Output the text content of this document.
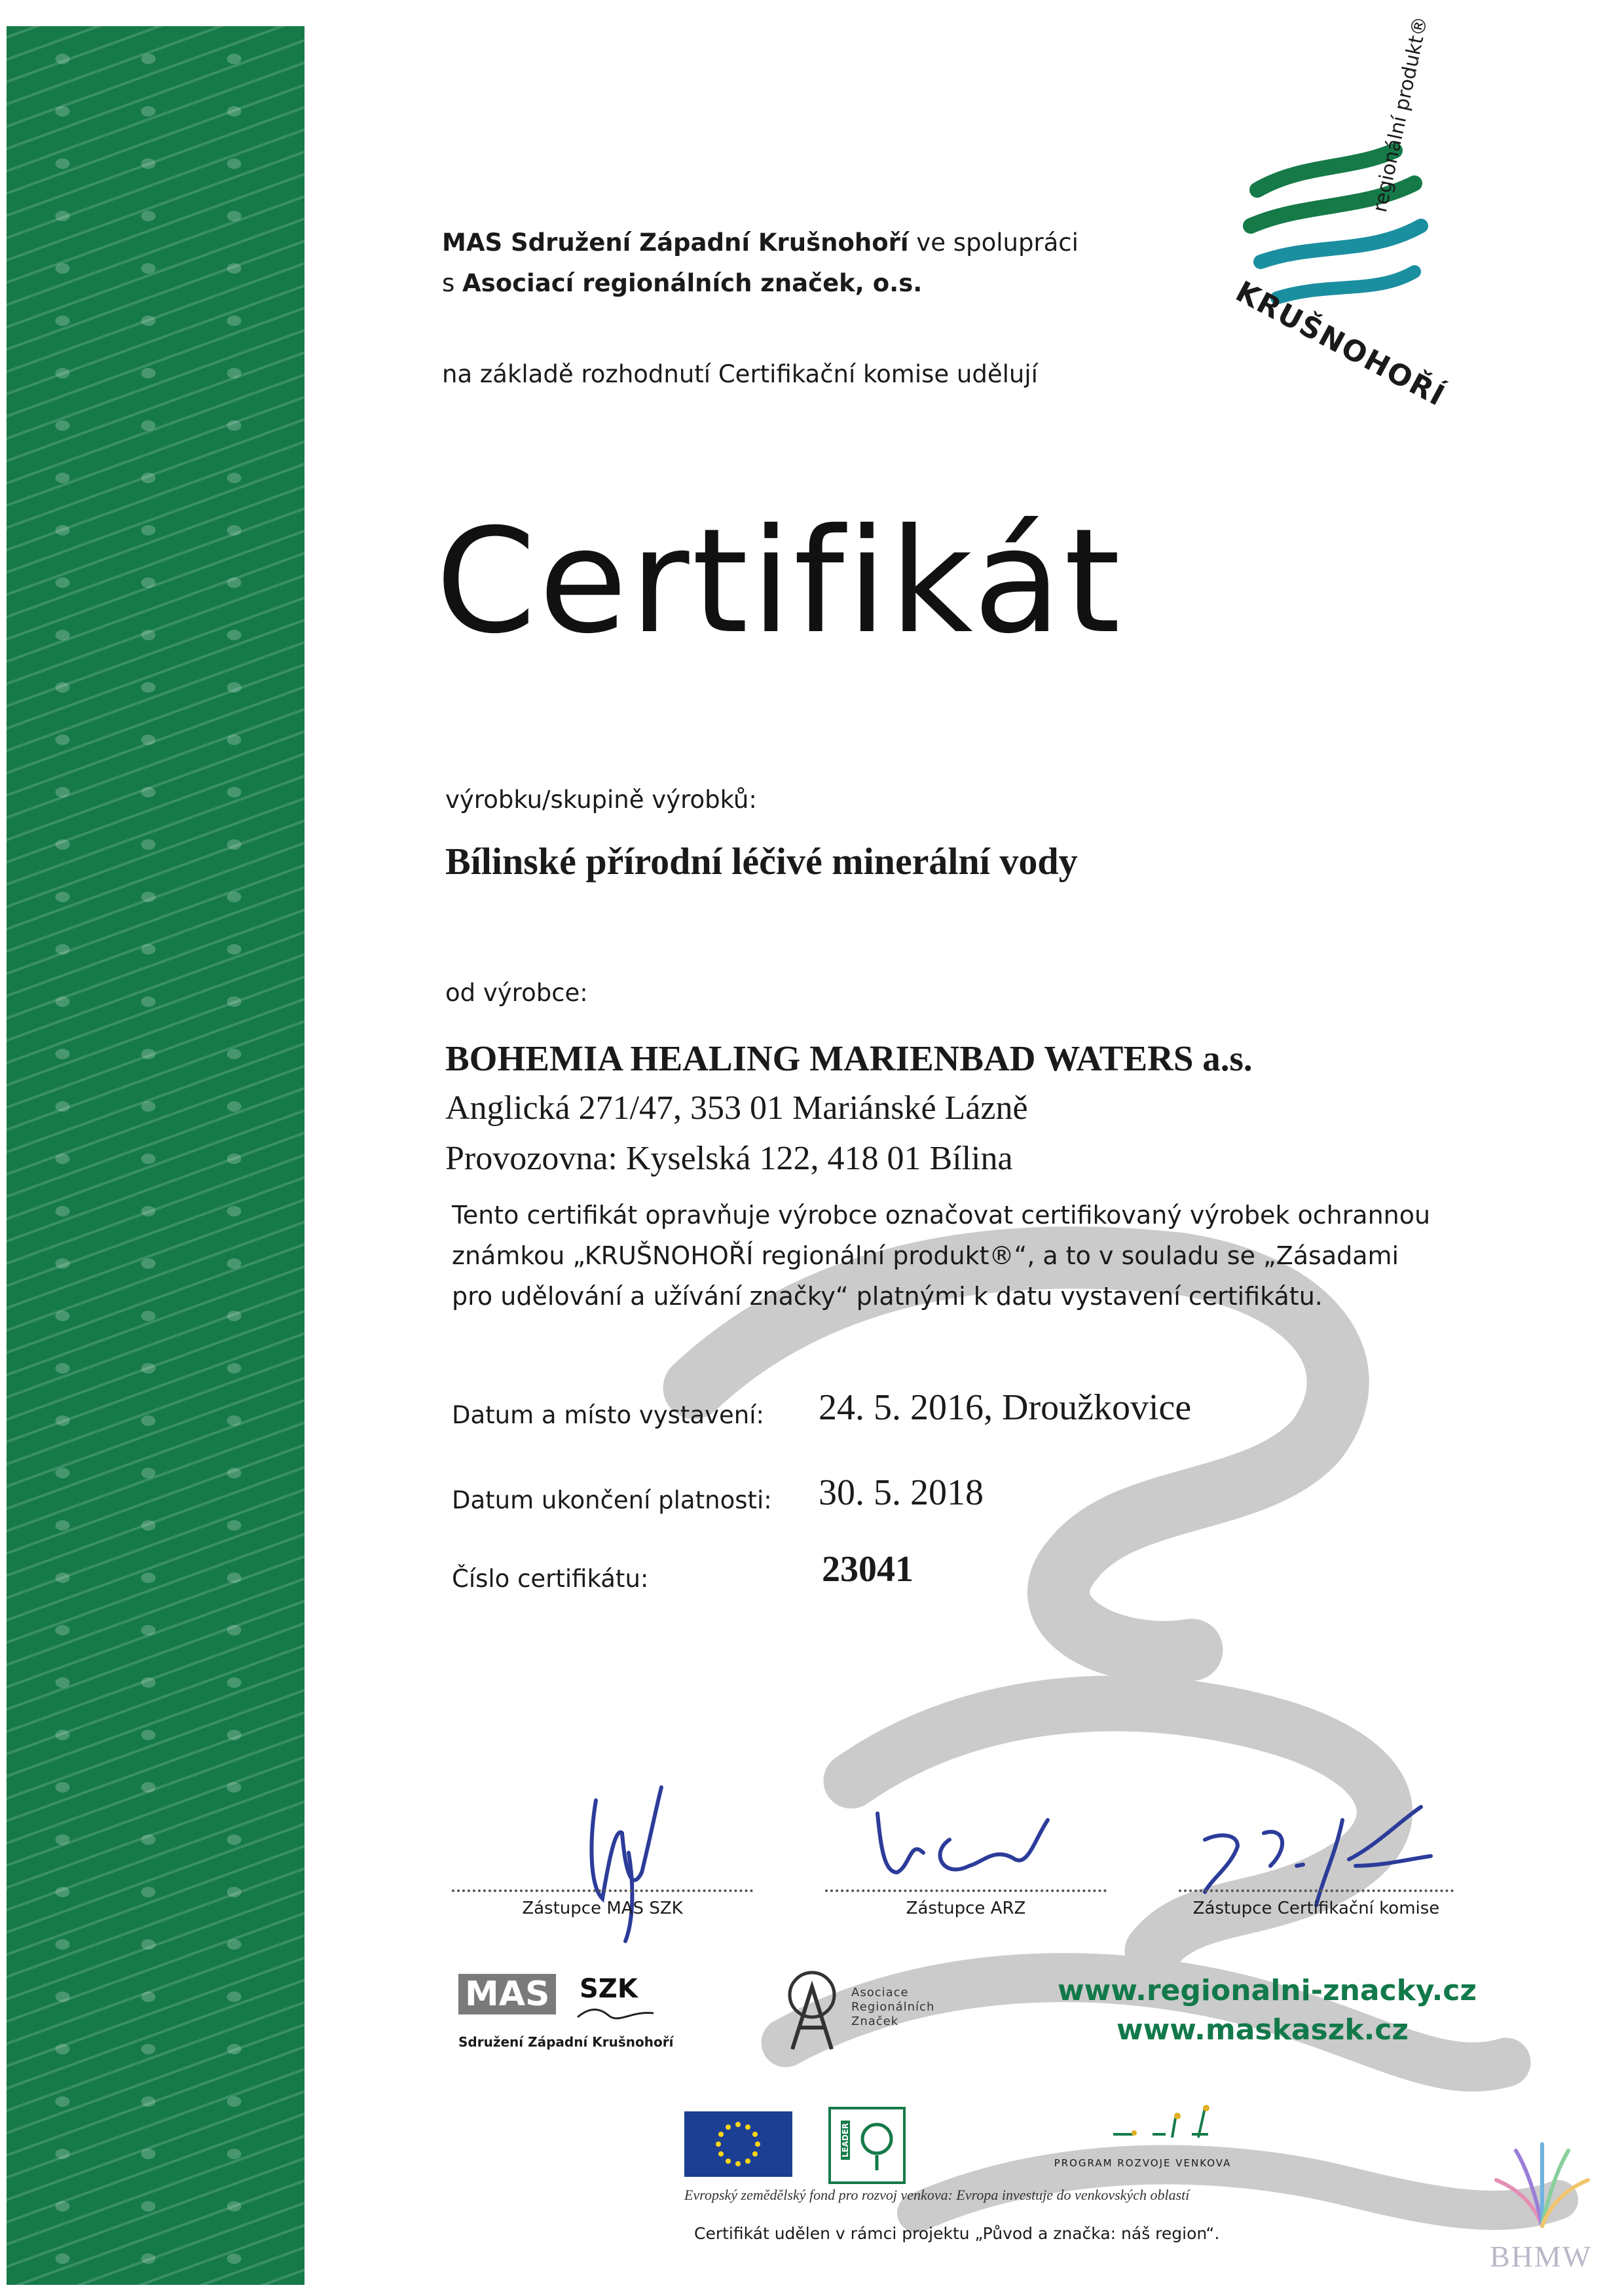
MAS Sdružení Západní Krušnohoří ve spolupráci
s Asociací regionálních značek, o.s.
na základě rozhodnutí Certifikační komise udělují	KRUŠNOHOŘÍ
regionální produkt®
Certifikát
výrobku/skupině výrobků:
Bílinské přírodní léčivé minerální vody
od výrobce:
BOHEMIA HEALING MARIENBAD WATERS a.s.
Anglická 271/47, 353 01 Mariánské Lázně
Provozovna: Kyselská 122, 418 01 Bílina
Tento certifikát opravňuje výrobce označovat certifikovaný výrobek ochrannou
známkou „KRUŠNOHOŘÍ regionální produkt®“, a to v souladu se „Zásadami
pro udělování a užívání značky“ platnými k datu vystavení certifikátu.
Datum a místo vystavení: 24. 5. 2016, Droužkovice
Datum ukončení platnosti: 30. 5. 2018
Číslo certifikátu:	23041
Zástupce MAS SZK	Zástupce ARZ	Zástupce Certifikační komise
MAS SZK
Sdružení Západní Krušnohoří
Asociace
Regionálních
Značek
www.regionalni-znacky.cz
www.maskaszk.cz
LEADER
PROGRAM ROZVOJE VENKOVA
Evropský zemědělský fond pro rozvoj venkova: Evropa investuje do venkovských oblastí
Certifikát udělen v rámci projektu „Původ a značka: náš region“.
BHMW
